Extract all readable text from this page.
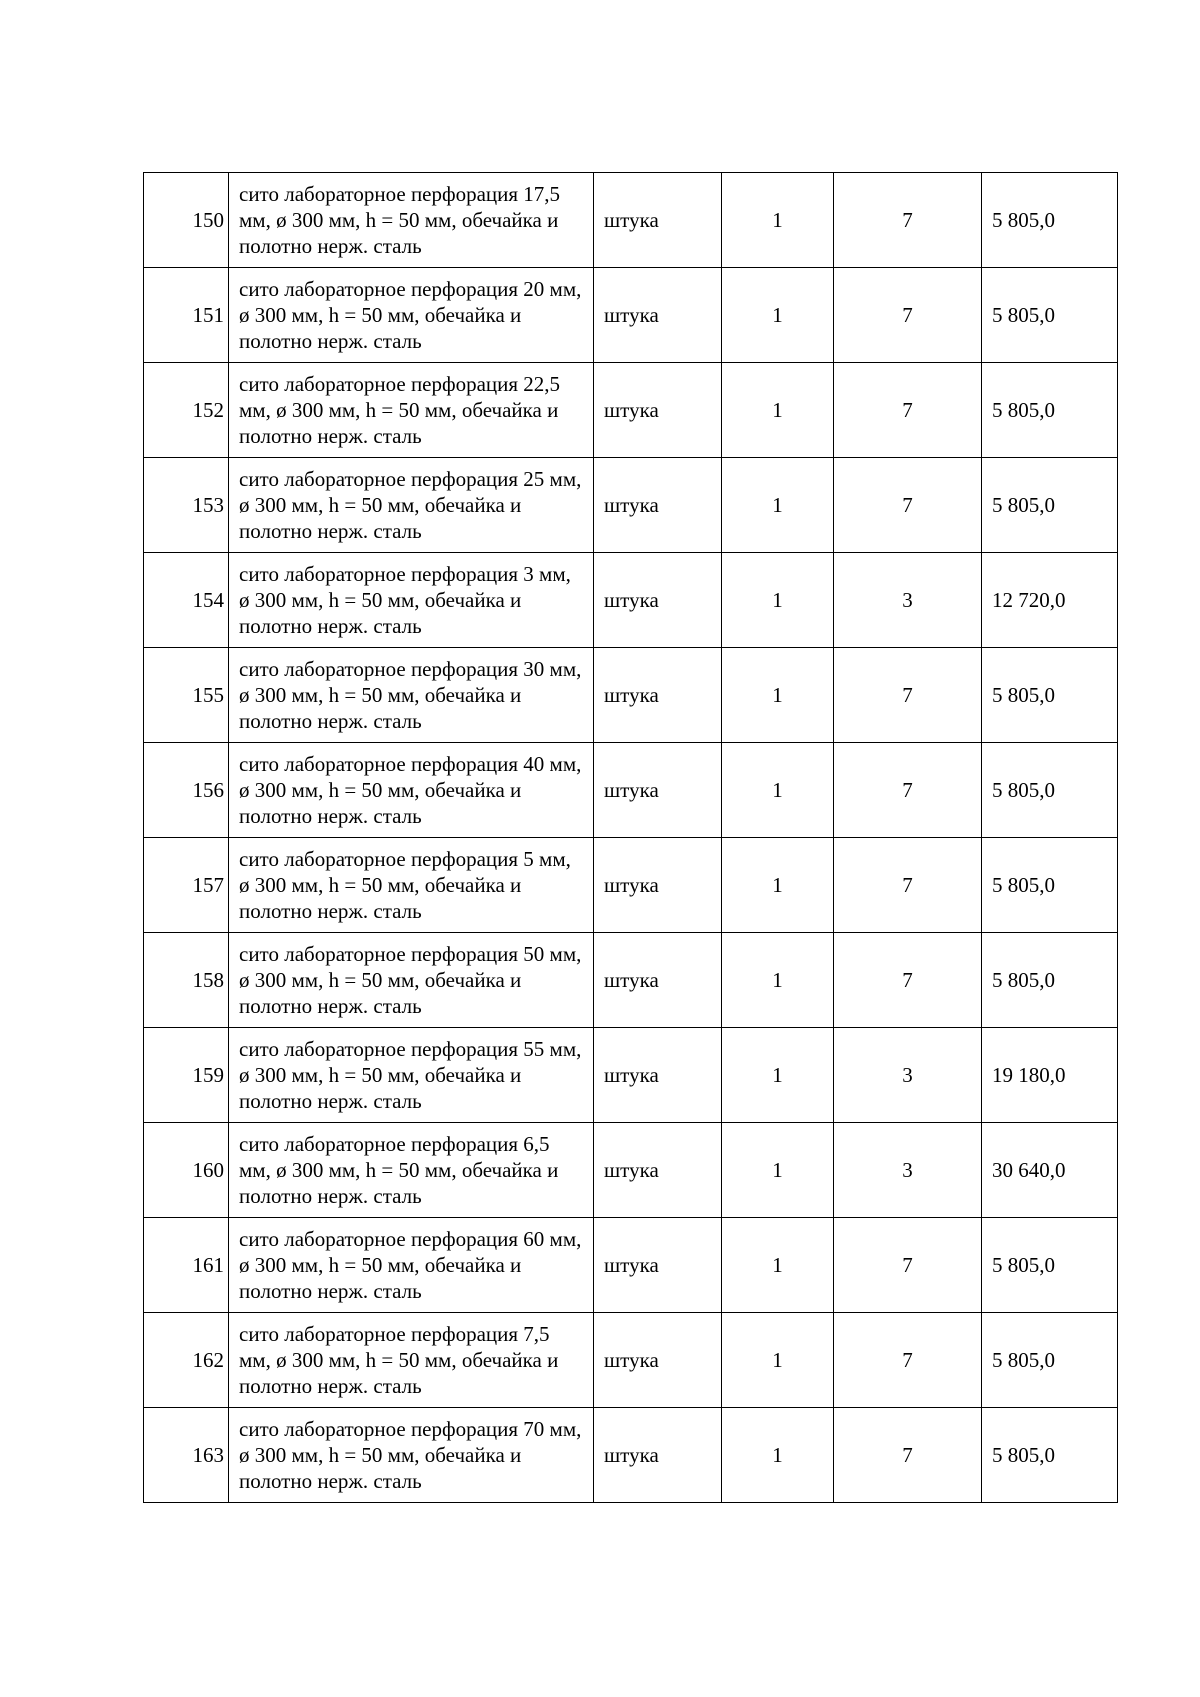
150	сито лабораторное перфорация 17,5 мм, ø 300 мм, h = 50 мм, обечайка и полотно нерж. сталь	штука	1	7	5 805,0
151	сито лабораторное перфорация 20 мм, ø 300 мм, h = 50 мм, обечайка и полотно нерж. сталь	штука	1	7	5 805,0
152	сито лабораторное перфорация 22,5 мм, ø 300 мм, h = 50 мм, обечайка и полотно нерж. сталь	штука	1	7	5 805,0
153	сито лабораторное перфорация 25 мм, ø 300 мм, h = 50 мм, обечайка и полотно нерж. сталь	штука	1	7	5 805,0
154	сито лабораторное перфорация 3 мм, ø 300 мм, h = 50 мм, обечайка и полотно нерж. сталь	штука	1	3	12 720,0
155	сито лабораторное перфорация 30 мм, ø 300 мм, h = 50 мм, обечайка и полотно нерж. сталь	штука	1	7	5 805,0
156	сито лабораторное перфорация 40 мм, ø 300 мм, h = 50 мм, обечайка и полотно нерж. сталь	штука	1	7	5 805,0
157	сито лабораторное перфорация 5 мм, ø 300 мм, h = 50 мм, обечайка и полотно нерж. сталь	штука	1	7	5 805,0
158	сито лабораторное перфорация 50 мм, ø 300 мм, h = 50 мм, обечайка и полотно нерж. сталь	штука	1	7	5 805,0
159	сито лабораторное перфорация 55 мм, ø 300 мм, h = 50 мм, обечайка и полотно нерж. сталь	штука	1	3	19 180,0
160	сито лабораторное перфорация 6,5 мм, ø 300 мм, h = 50 мм, обечайка и полотно нерж. сталь	штука	1	3	30 640,0
161	сито лабораторное перфорация 60 мм, ø 300 мм, h = 50 мм, обечайка и полотно нерж. сталь	штука	1	7	5 805,0
162	сито лабораторное перфорация 7,5 мм, ø 300 мм, h = 50 мм, обечайка и полотно нерж. сталь	штука	1	7	5 805,0
163	сито лабораторное перфорация 70 мм, ø 300 мм, h = 50 мм, обечайка и полотно нерж. сталь	штука	1	7	5 805,0
